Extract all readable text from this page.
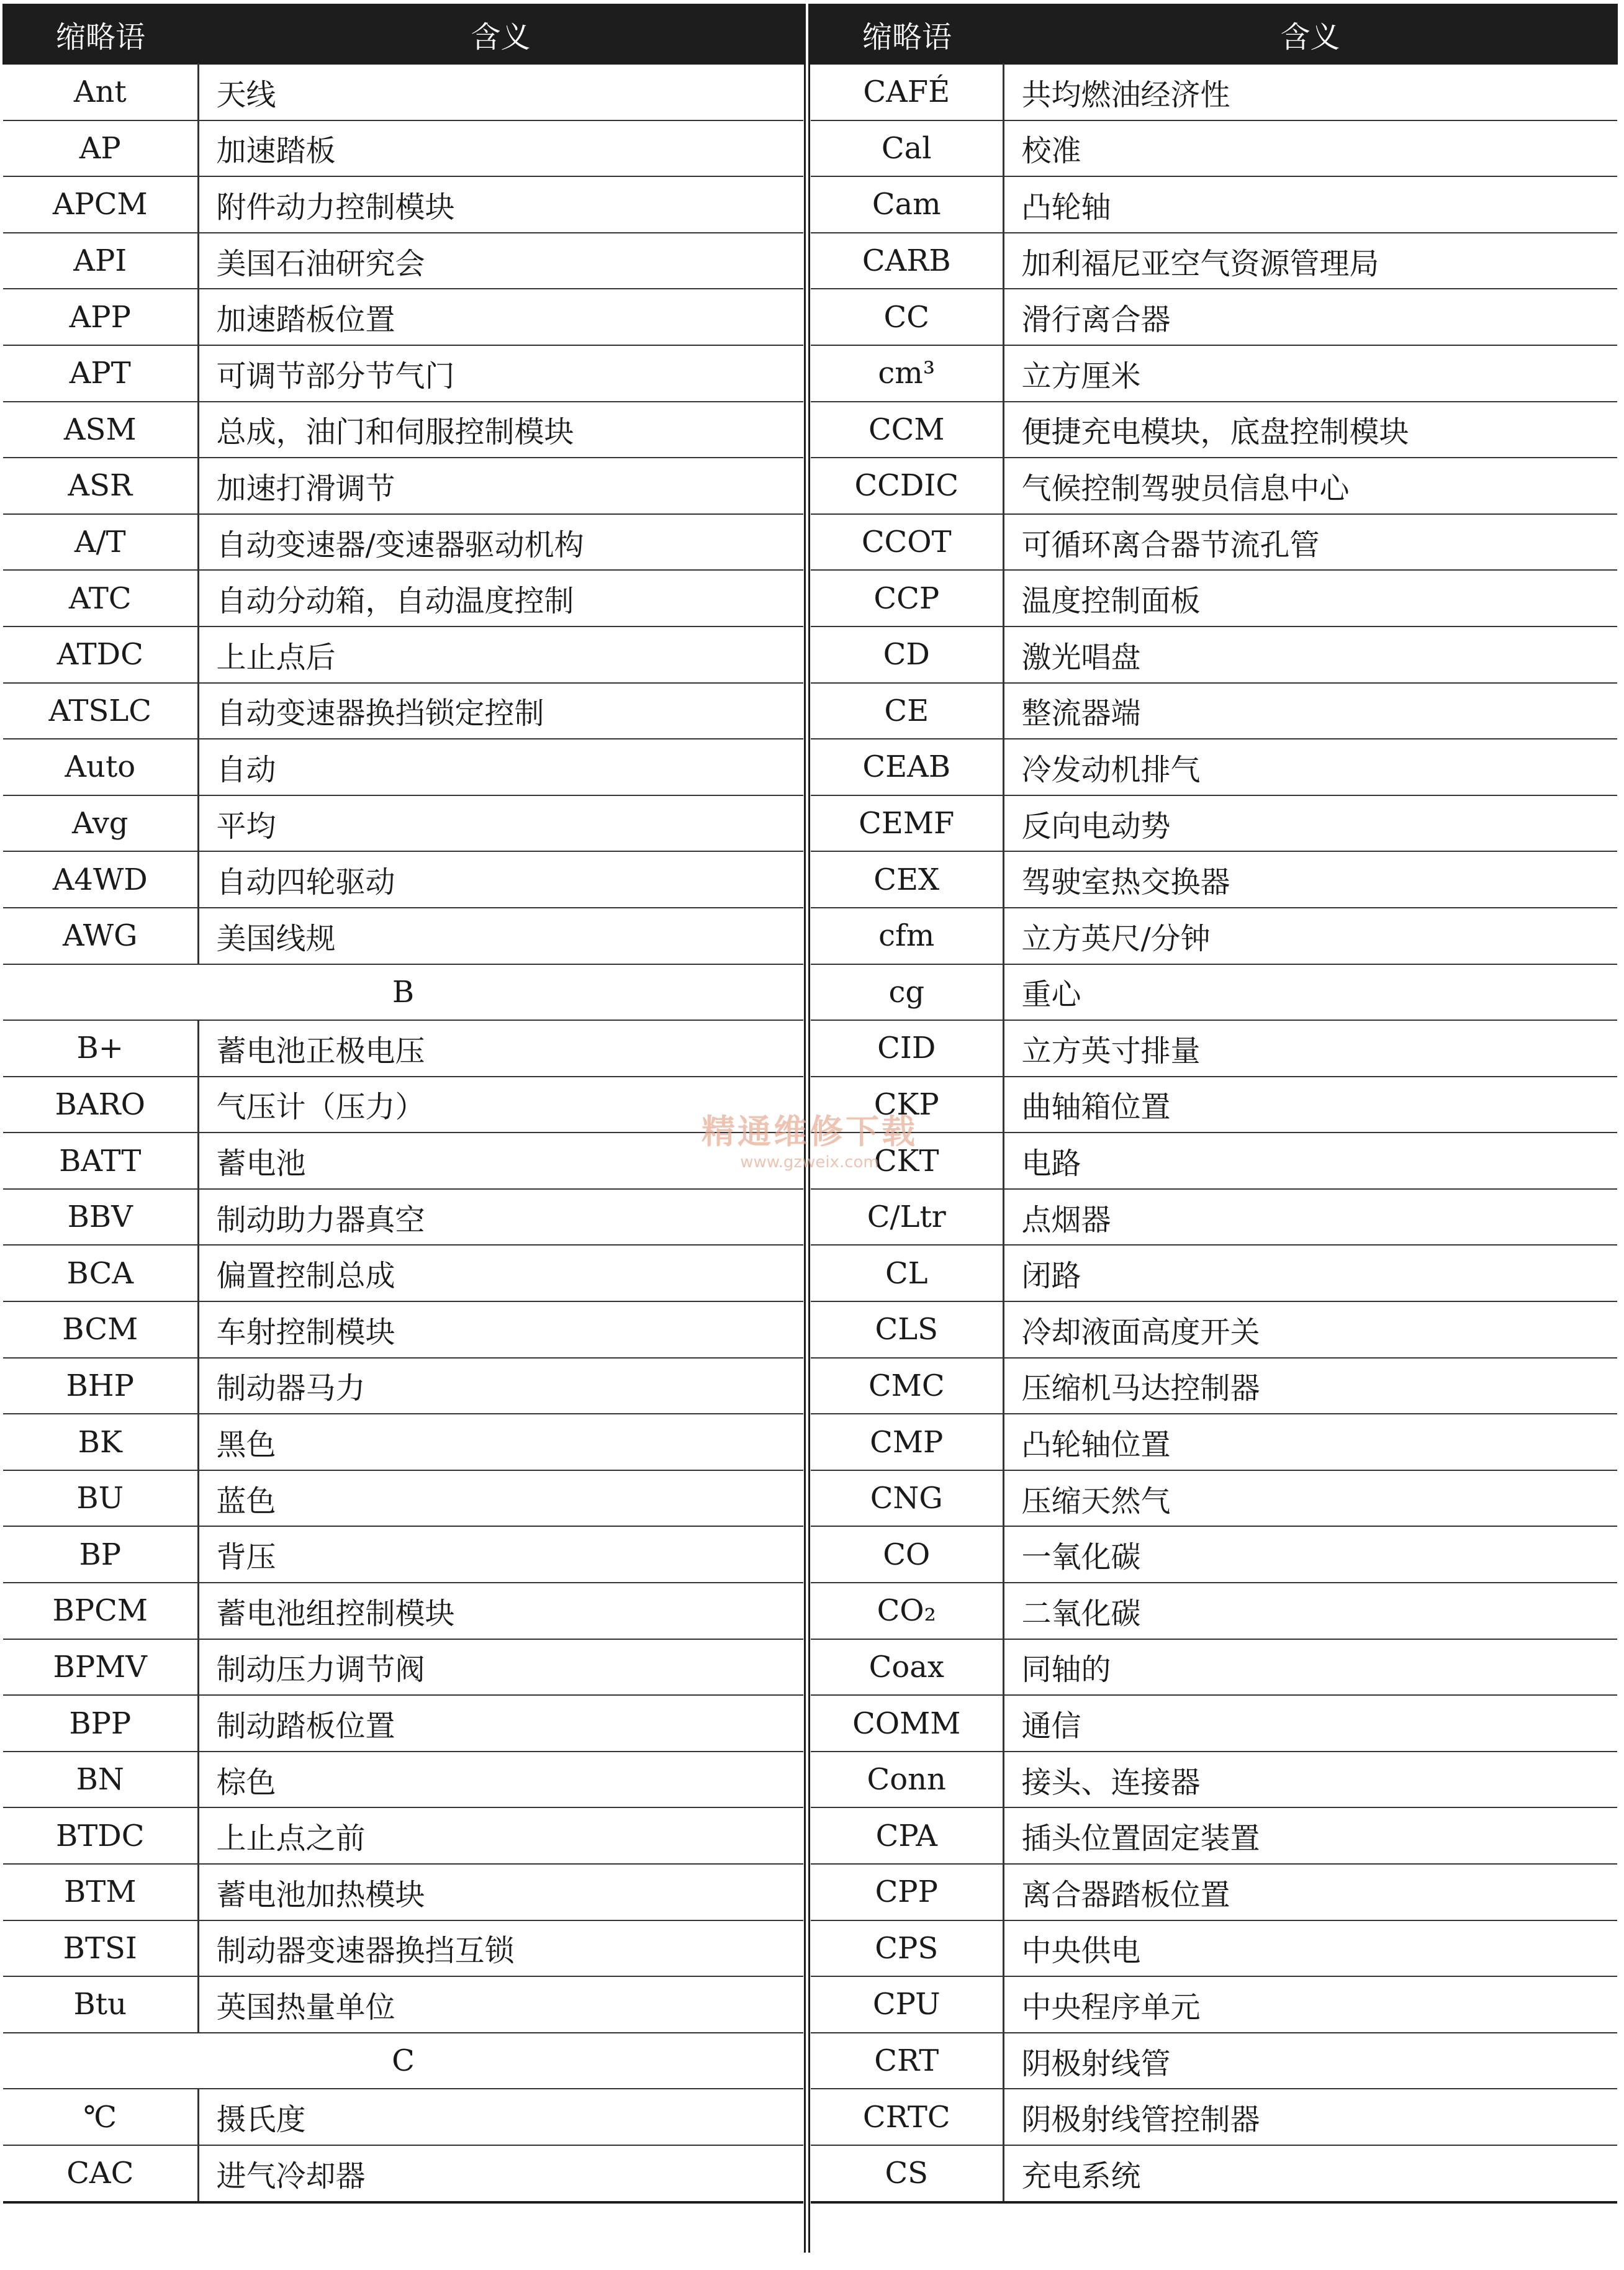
缩略语	含义
Ant	天线
AP	加速踏板
APCM	附件动力控制模块
API	美国石油研究会
APP	加速踏板位置
APT	可调节部分节气门
ASM	总成，油门和伺服控制模块
ASR	加速打滑调节
A/T	自动变速器/变速器驱动机构
ATC	自动分动箱，自动温度控制
ATDC	上止点后
ATSLC	自动变速器换挡锁定控制
Auto	自动
Avg	平均
A4WD	自动四轮驱动
AWG	美国线规
B	
B+	蓄电池正极电压
BARO	气压计（压力）
BATT	蓄电池
BBV	制动助力器真空
BCA	偏置控制总成
BCM	车射控制模块
BHP	制动器马力
BK	黑色
BU	蓝色
BP	背压
BPCM	蓄电池组控制模块
BPMV	制动压力调节阀
BPP	制动踏板位置
BN	棕色
BTDC	上止点之前
BTM	蓄电池加热模块
BTSI	制动器变速器换挡互锁
Btu	英国热量单位
C	
℃	摄氏度
CAC	进气冷却器
缩略语	含义
CAFÉ	共均燃油经济性
Cal	校准
Cam	凸轮轴
CARB	加利福尼亚空气资源管理局
CC	滑行离合器
cm³	立方厘米
CCM	便捷充电模块，底盘控制模块
CCDIC	气候控制驾驶员信息中心
CCOT	可循环离合器节流孔管
CCP	温度控制面板
CD	激光唱盘
CE	整流器端
CEAB	冷发动机排气
CEMF	反向电动势
CEX	驾驶室热交换器
cfm	立方英尺/分钟
cg	重心
CID	立方英寸排量
CKP	曲轴箱位置
CKT	电路
C/Ltr	点烟器
CL	闭路
CLS	冷却液面高度开关
CMC	压缩机马达控制器
CMP	凸轮轴位置
CNG	压缩天然气
CO	一氧化碳
CO₂	二氧化碳
Coax	同轴的
COMM	通信
Conn	接头、连接器
CPA	插头位置固定装置
CPP	离合器踏板位置
CPS	中央供电
CPU	中央程序单元
CRT	阴极射线管
CRTC	阴极射线管控制器
CS	充电系统
精通维修下载
www.gzweix.com
